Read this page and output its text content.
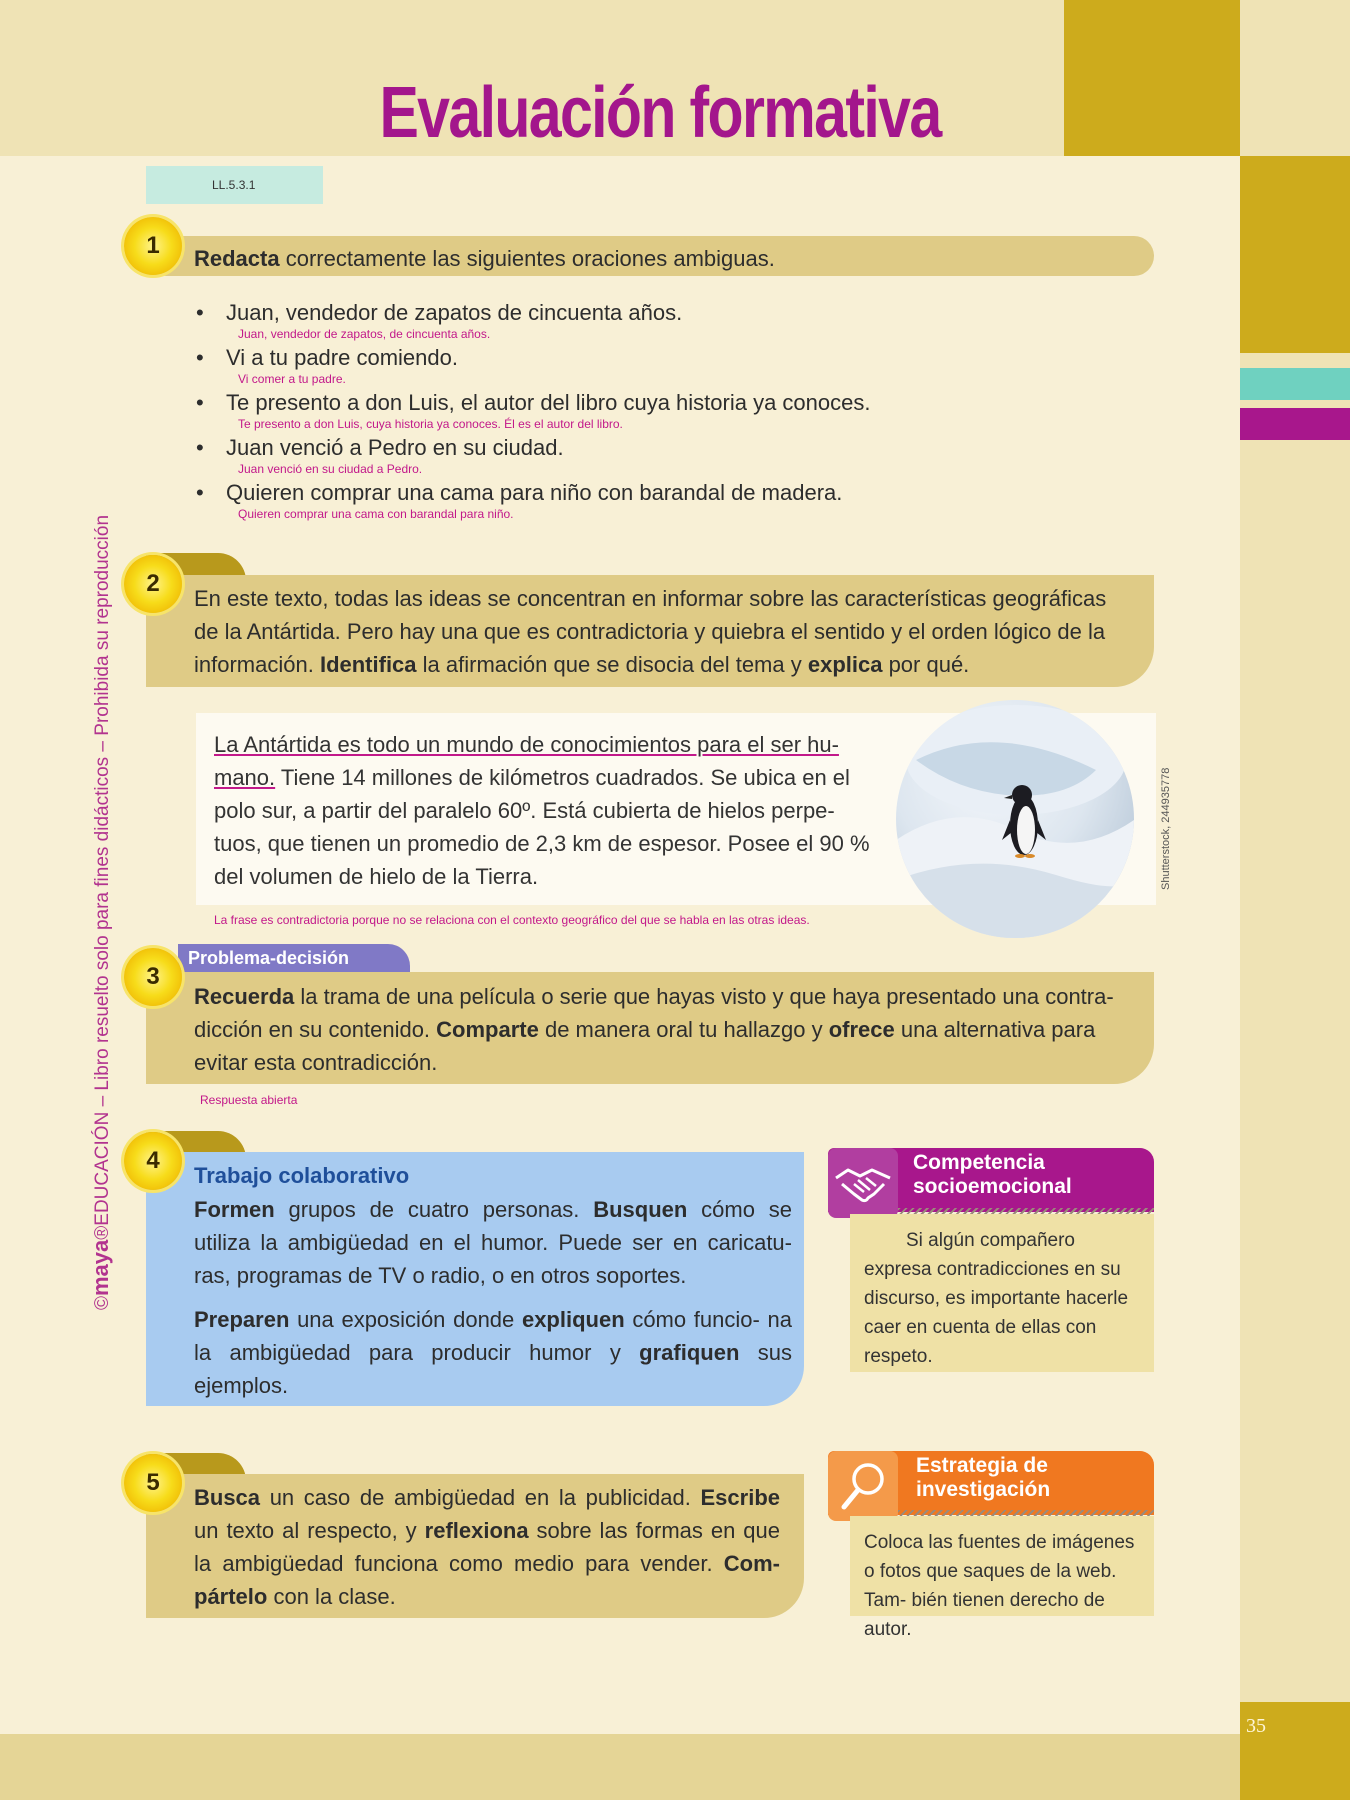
35
Evaluación formativa
LL.5.3.1
©maya®EDUCACIÓN – Libro resuelto solo para fines didácticos – Prohibida su reproducción	Shutterstock, 244935778
1	Redacta correctamente las siguientes oraciones ambiguas.
• Juan, vendedor de zapatos de cincuenta años.
Juan, vendedor de zapatos, de cincuenta años.
• Vi a tu padre comiendo.
Vi comer a tu padre.
• Te presento a don Luis, el autor del libro cuya historia ya conoces.
Te presento a don Luis, cuya historia ya conoces. Él es el autor del libro.
• Juan venció a Pedro en su ciudad.
Juan venció en su ciudad a Pedro.
• Quieren comprar una cama para niño con barandal de madera.
Quieren comprar una cama con barandal para niño.
2
En este texto, todas las ideas se concentran en informar sobre las características geográficas de la Antártida. Pero hay una que es contradictoria y quiebra el sentido y el orden lógico de la información. Identifica la afirmación que se disocia del tema y explica por qué.
La Antártida es todo un mundo de conocimientos para el ser hu- mano. Tiene 14 millones de kilómetros cuadrados. Se ubica en el polo sur, a partir del paralelo 60º. Está cubierta de hielos perpe- tuos, que tienen un promedio de 2,3 km de espesor. Posee el 90 % del volumen de hielo de la Tierra.
La frase es contradictoria porque no se relaciona con el contexto geográfico del que se habla en las otras ideas.
Problema-decisión
3
Recuerda la trama de una película o serie que hayas visto y que haya presentado una contra- dicción en su contenido. Comparte de manera oral tu hallazgo y ofrece una alternativa para evitar esta contradicción.
Respuesta abierta
4
Trabajo colaborativo
Formen grupos de cuatro personas. Busquen cómo se utiliza la ambigüedad en el humor. Puede ser en caricatu- ras, programas de TV o radio, o en otros soportes.
Preparen una exposición donde expliquen cómo funcio- na la ambigüedad para producir humor y grafiquen sus ejemplos.
Competencia
socioemocional
Si algún compañero expresa contradicciones en su discurso, es importante hacerle caer en cuenta de ellas con respeto.
5
Busca un caso de ambigüedad en la publicidad. Escribe un texto al respecto, y reflexiona sobre las formas en que la ambigüedad funciona como medio para vender. Com- pártelo con la clase.
Estrategia de
investigación
Coloca las fuentes de imágenes o fotos que saques de la web. Tam- bién tienen derecho de autor.
